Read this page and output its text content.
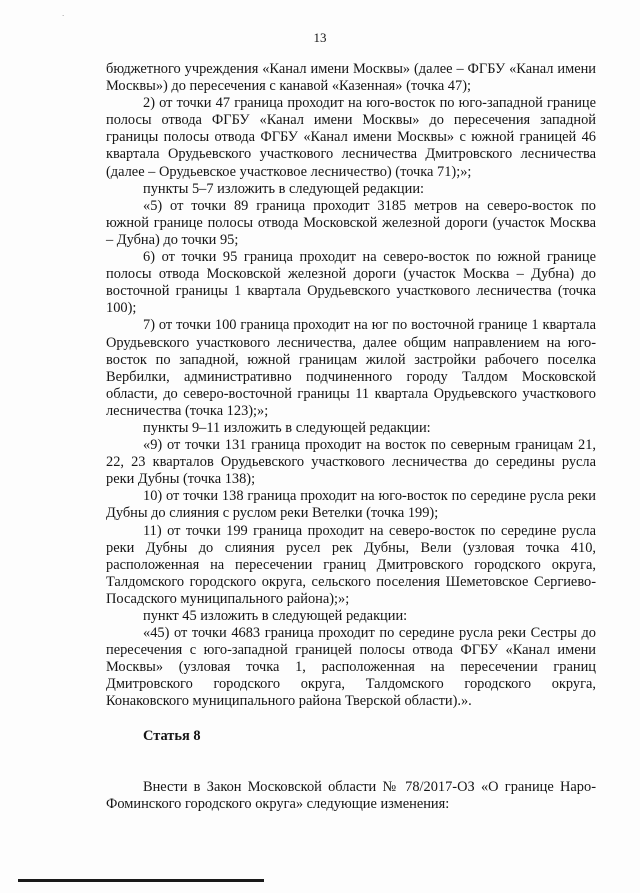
`
13

бюджетного учреждения «Канал имени Москвы» (далее – ФГБУ «Канал имени Москвы») до пересечения с канавой «Казенная» (точка 47);

2) от точки 47 граница проходит на юго-восток по юго-западной границе полосы отвода ФГБУ «Канал имени Москвы» до пересечения западной границы полосы отвода ФГБУ «Канал имени Москвы» с южной границей 46 квартала Орудьевского участкового лесничества Дмитровского лесничества (далее – Орудьевское участковое лесничество) (точка 71);»;

пункты 5–7 изложить в следующей редакции:

«5) от точки 89 граница проходит 3185 метров на северо-восток по южной границе полосы отвода Московской железной дороги (участок Москва – Дубна) до точки 95;

6) от точки 95 граница проходит на северо-восток по южной границе полосы отвода Московской железной дороги (участок Москва – Дубна) до восточной границы 1 квартала Орудьевского участкового лесничества (точка 100);

7) от точки 100 граница проходит на юг по восточной границе 1 квартала Орудьевского участкового лесничества, далее общим направлением на юго-восток по западной, южной границам жилой застройки рабочего поселка Вербилки, административно подчиненного городу Талдом Московской области, до северо-восточной границы 11 квартала Орудьевского участкового лесничества (точка 123);»;

пункты 9–11 изложить в следующей редакции:

«9) от точки 131 граница проходит на восток по северным границам 21, 22, 23 кварталов Орудьевского участкового лесничества до середины русла реки Дубны (точка 138);

10) от точки 138 граница проходит на юго-восток по середине русла реки Дубны до слияния с руслом реки Ветелки (точка 199);

11) от точки 199 граница проходит на северо-восток по середине русла реки Дубны до слияния русел рек Дубны, Вели (узловая точка 410, расположенная на пересечении границ Дмитровского городского округа, Талдомского городского округа, сельского поселения Шеметовское Сергиево-Посадского муниципального района);»;

пункт 45 изложить в следующей редакции:

«45) от точки 4683 граница проходит по середине русла реки Сестры до пересечения с юго-западной границей полосы отвода ФГБУ «Канал имени Москвы» (узловая точка 1, расположенная на пересечении границ Дмитровского городского округа, Талдомского городского округа, Конаковского муниципального района Тверской области).».

Статья 8

Внести в Закон Московской области № 78/2017-ОЗ «О границе Наро-Фоминского городского округа» следующие изменения:
